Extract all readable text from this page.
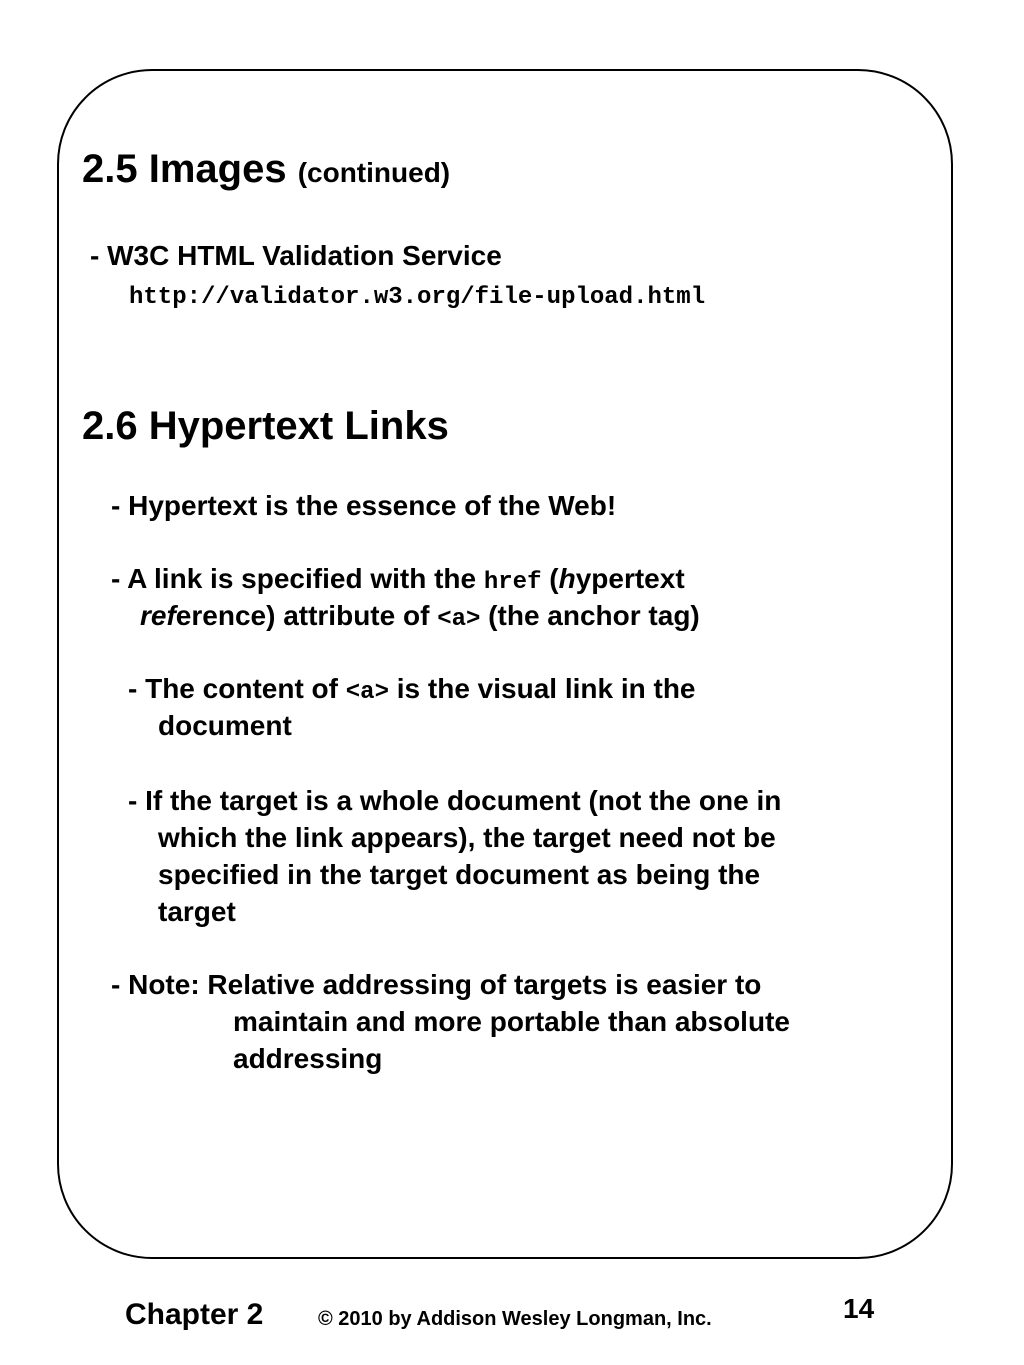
2.5 Images (continued)
- W3C HTML Validation Service
http://validator.w3.org/file-upload.html
2.6 Hypertext Links
- Hypertext is the essence of the Web!
- A link is specified with the href (hypertext
reference) attribute of <a> (the anchor tag)
- The content of <a> is the visual link in the
document
- If the target is a whole document (not the one in
which the link appears), the target need not be
specified in the target document as being the
target
- Note: Relative addressing of targets is easier to
maintain and more portable than absolute
addressing
Chapter 2	© 2010 by Addison Wesley Longman, Inc.	14
